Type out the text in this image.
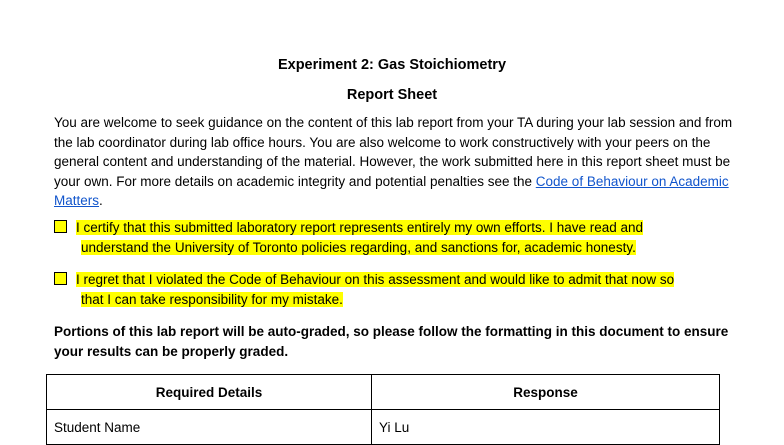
Experiment 2: Gas Stoichiometry
Report Sheet
You are welcome to seek guidance on the content of this lab report from your TA during your lab session and from the lab coordinator during lab office hours. You are also welcome to work constructively with your peers on the general content and understanding of the material. However, the work submitted here in this report sheet must be your own. For more details on academic integrity and potential penalties see the Code of Behaviour on Academic Matters.
I certify that this submitted laboratory report represents entirely my own efforts. I have read and
understand the University of Toronto policies regarding, and sanctions for, academic honesty.
I regret that I violated the Code of Behaviour on this assessment and would like to admit that now so
that I can take responsibility for my mistake.
Portions of this lab report will be auto-graded, so please follow the formatting in this document to ensure your results can be properly graded.
Required Details	Response
Student Name	Yi Lu
